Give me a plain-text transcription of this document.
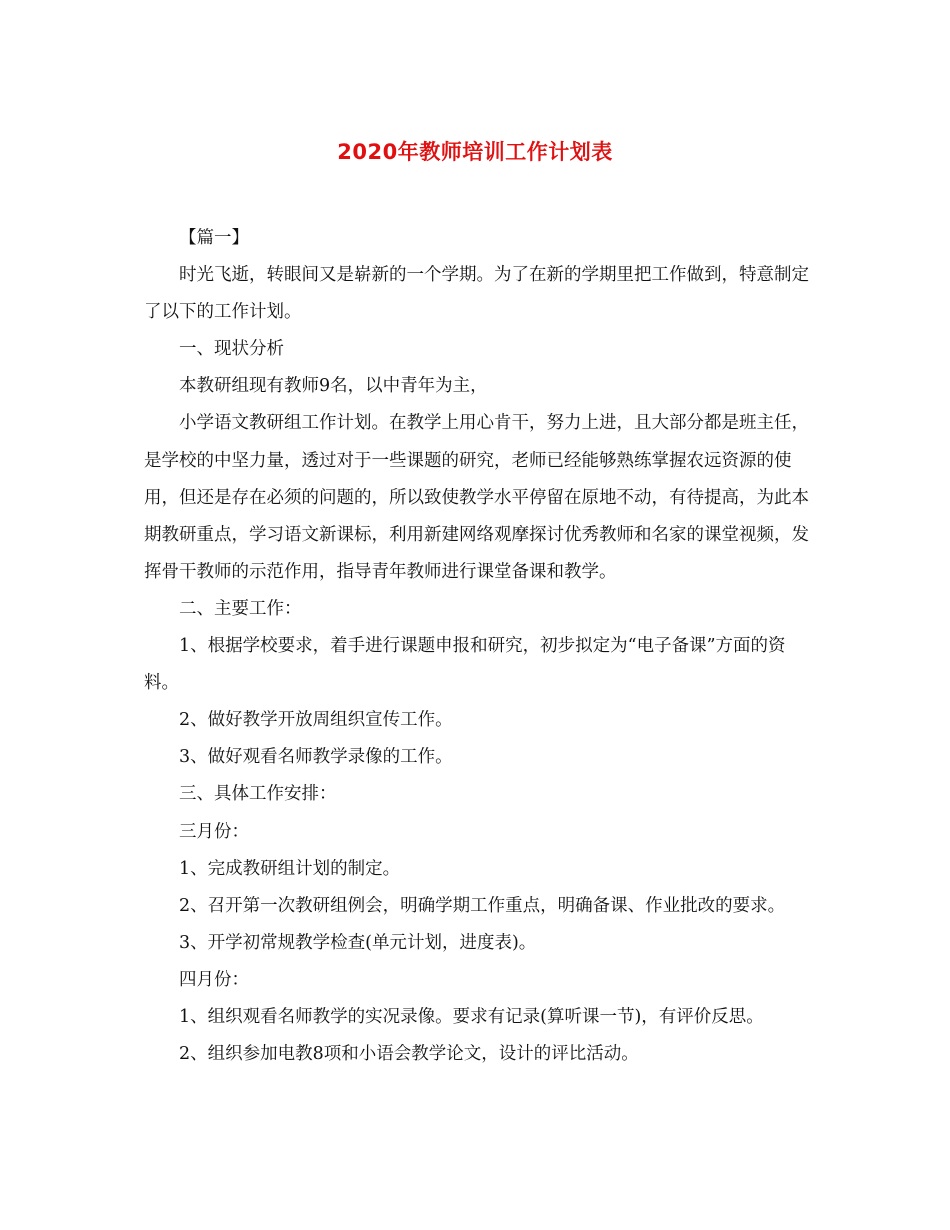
2020年教师培训工作计划表

【篇一】

时光飞逝，转眼间又是崭新的一个学期。为了在新的学期里把工作做到，特意制定了以下的工作计划。

一、现状分析

本教研组现有教师9名，以中青年为主，

小学语文教研组工作计划。在教学上用心肯干，努力上进，且大部分都是班主任，是学校的中坚力量，透过对于一些课题的研究，老师已经能够熟练掌握农远资源的使用，但还是存在必须的问题的，所以致使教学水平停留在原地不动，有待提高，为此本期教研重点，学习语文新课标，利用新建网络观摩探讨优秀教师和名家的课堂视频，发挥骨干教师的示范作用，指导青年教师进行课堂备课和教学。

二、主要工作：

1、根据学校要求，着手进行课题申报和研究，初步拟定为“电子备课”方面的资料。

2、做好教学开放周组织宣传工作。

3、做好观看名师教学录像的工作。

三、具体工作安排：

三月份：

1、完成教研组计划的制定。

2、召开第一次教研组例会，明确学期工作重点，明确备课、作业批改的要求。

3、开学初常规教学检查(单元计划，进度表)。

四月份：

1、组织观看名师教学的实况录像。要求有记录(算听课一节)，有评价反思。

2、组织参加电教8项和小语会教学论文，设计的评比活动。
